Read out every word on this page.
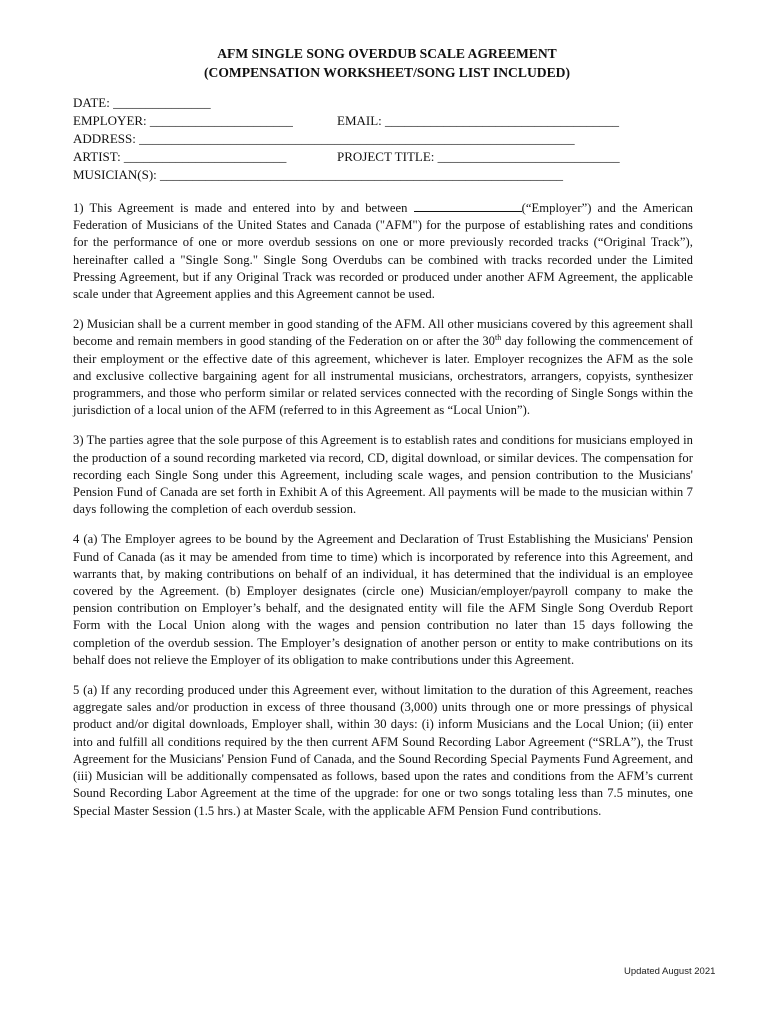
AFM SINGLE SONG OVERDUB SCALE AGREEMENT
(COMPENSATION WORKSHEET/SONG LIST INCLUDED)
DATE: _______________
EMPLOYER: ______________________	EMAIL: ____________________________________
ADDRESS: ___________________________________________________________________
ARTIST: _________________________	PROJECT TITLE: ____________________________
MUSICIAN(S): ______________________________________________________________

1) This Agreement is made and entered into by and between	(“Employer”) and the American Federation of Musicians of the United States and Canada ("AFM") for the purpose of establishing rates and conditions for the performance of one or more overdub sessions on one or more previously recorded tracks (“Original Track”), hereinafter called a "Single Song." Single Song Overdubs can be combined with tracks recorded under the Limited Pressing Agreement, but if any Original Track was recorded or produced under another AFM Agreement, the applicable scale under that Agreement applies and this Agreement cannot be used.

2) Musician shall be a current member in good standing of the AFM. All other musicians covered by this agreement shall become and remain members in good standing of the Federation on or after the 30th day following the commencement of their employment or the effective date of this agreement, whichever is later. Employer recognizes the AFM as the sole and exclusive collective bargaining agent for all instrumental musicians, orchestrators, arrangers, copyists, synthesizer programmers, and those who perform similar or related services connected with the recording of Single Songs within the jurisdiction of a local union of the AFM (referred to in this Agreement as “Local Union”).

3) The parties agree that the sole purpose of this Agreement is to establish rates and conditions for musicians employed in the production of a sound recording marketed via record, CD, digital download, or similar devices. The compensation for recording each Single Song under this Agreement, including scale wages, and pension contribution to the Musicians' Pension Fund of Canada are set forth in Exhibit A of this Agreement. All payments will be made to the musician within 7 days following the completion of each overdub session.

4 (a) The Employer agrees to be bound by the Agreement and Declaration of Trust Establishing the Musicians' Pension Fund of Canada (as it may be amended from time to time) which is incorporated by reference into this Agreement, and warrants that, by making contributions on behalf of an individual, it has determined that the individual is an employee covered by the Agreement. (b) Employer designates (circle one) Musician/employer/payroll company to make the pension contribution on Employer’s behalf, and the designated entity will file the AFM Single Song Overdub Report Form with the Local Union along with the wages and pension contribution no later than 15 days following the completion of the overdub session. The Employer’s designation of another person or entity to make contributions on its behalf does not relieve the Employer of its obligation to make contributions under this Agreement.

5 (a) If any recording produced under this Agreement ever, without limitation to the duration of this Agreement, reaches aggregate sales and/or production in excess of three thousand (3,000) units through one or more pressings of physical product and/or digital downloads, Employer shall, within 30 days: (i) inform Musicians and the Local Union; (ii) enter into and fulfill all conditions required by the then current AFM Sound Recording Labor Agreement (“SRLA”), the Trust Agreement for the Musicians' Pension Fund of Canada, and the Sound Recording Special Payments Fund Agreement, and (iii) Musician will be additionally compensated as follows, based upon the rates and conditions from the AFM’s current Sound Recording Labor Agreement at the time of the upgrade: for one or two songs totaling less than 7.5 minutes, one Special Master Session (1.5 hrs.) at Master Scale, with the applicable AFM Pension Fund contributions.

Updated August 2021
